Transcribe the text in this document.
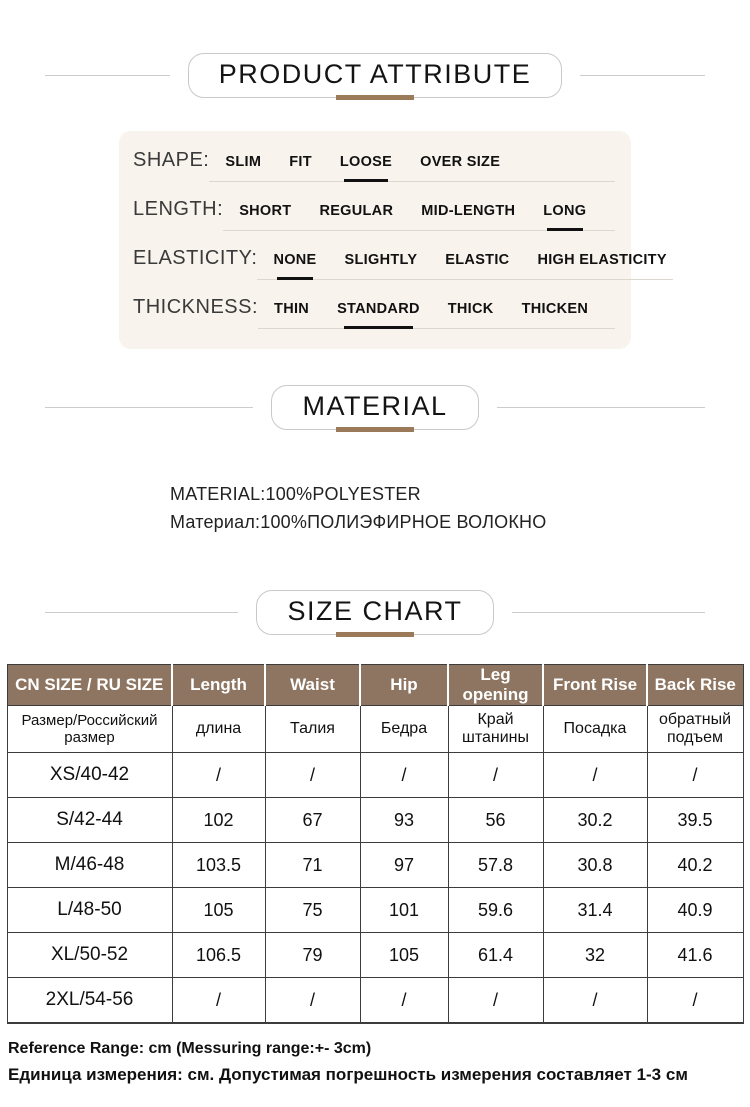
PRODUCT ATTRIBUTE
SHAPE: SLIM FIT LOOSE OVER SIZE
LENGTH: SHORT REGULAR MID-LENGTH LONG
ELASTICITY: NONE SLIGHTLY ELASTIC HIGH ELASTICITY
THICKNESS: THIN STANDARD THICK THICKEN
MATERIAL
MATERIAL:100%POLYESTER
Материал:100%ПОЛИЭФИРНОЕ ВОЛОКНО
SIZE CHART
CN SIZE / RU SIZE	Length	Waist	Hip	Leg opening	Front Rise	Back Rise
Размер/Российский размер	длина	Талия	Бедра	Край штанины	Посадка	обратный подъем
XS/40-42	/	/	/	/	/	/
S/42-44	102	67	93	56	30.2	39.5
M/46-48	103.5	71	97	57.8	30.8	40.2
L/48-50	105	75	101	59.6	31.4	40.9
XL/50-52	106.5	79	105	61.4	32	41.6
2XL/54-56	/	/	/	/	/	/
Reference Range: cm (Messuring range:+- 3cm)
Единица измерения: см. Допустимая погрешность измерения составляет 1-3 см
